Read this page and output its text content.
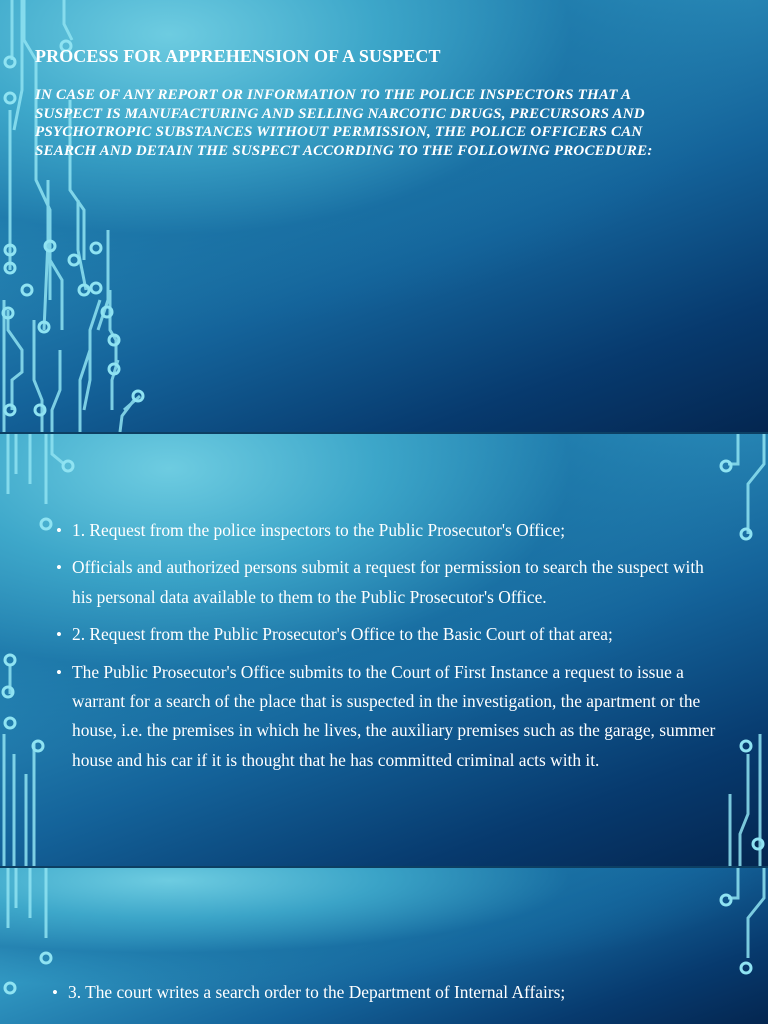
PROCESS FOR APPREHENSION OF A SUSPECT
IN CASE OF ANY REPORT OR INFORMATION TO THE POLICE INSPECTORS THAT A SUSPECT IS MANUFACTURING AND SELLING NARCOTIC DRUGS, PRECURSORS AND PSYCHOTROPIC SUBSTANCES WITHOUT PERMISSION, THE POLICE OFFICERS CAN SEARCH AND DETAIN THE SUSPECT ACCORDING TO THE FOLLOWING PROCEDURE:
• 1. Request from the police inspectors to the Public Prosecutor's Office;
• Officials and authorized persons submit a request for permission to search the suspect with his personal data available to them to the Public Prosecutor's Office.
• 2. Request from the Public Prosecutor's Office to the Basic Court of that area;
• The Public Prosecutor's Office submits to the Court of First Instance a request to issue a warrant for a search of the place that is suspected in the investigation, the apartment or the house, i.e. the premises in which he lives, the auxiliary premises such as the garage, summer house and his car if it is thought that he has committed criminal acts with it.
• 3. The court writes a search order to the Department of Internal Affairs;
